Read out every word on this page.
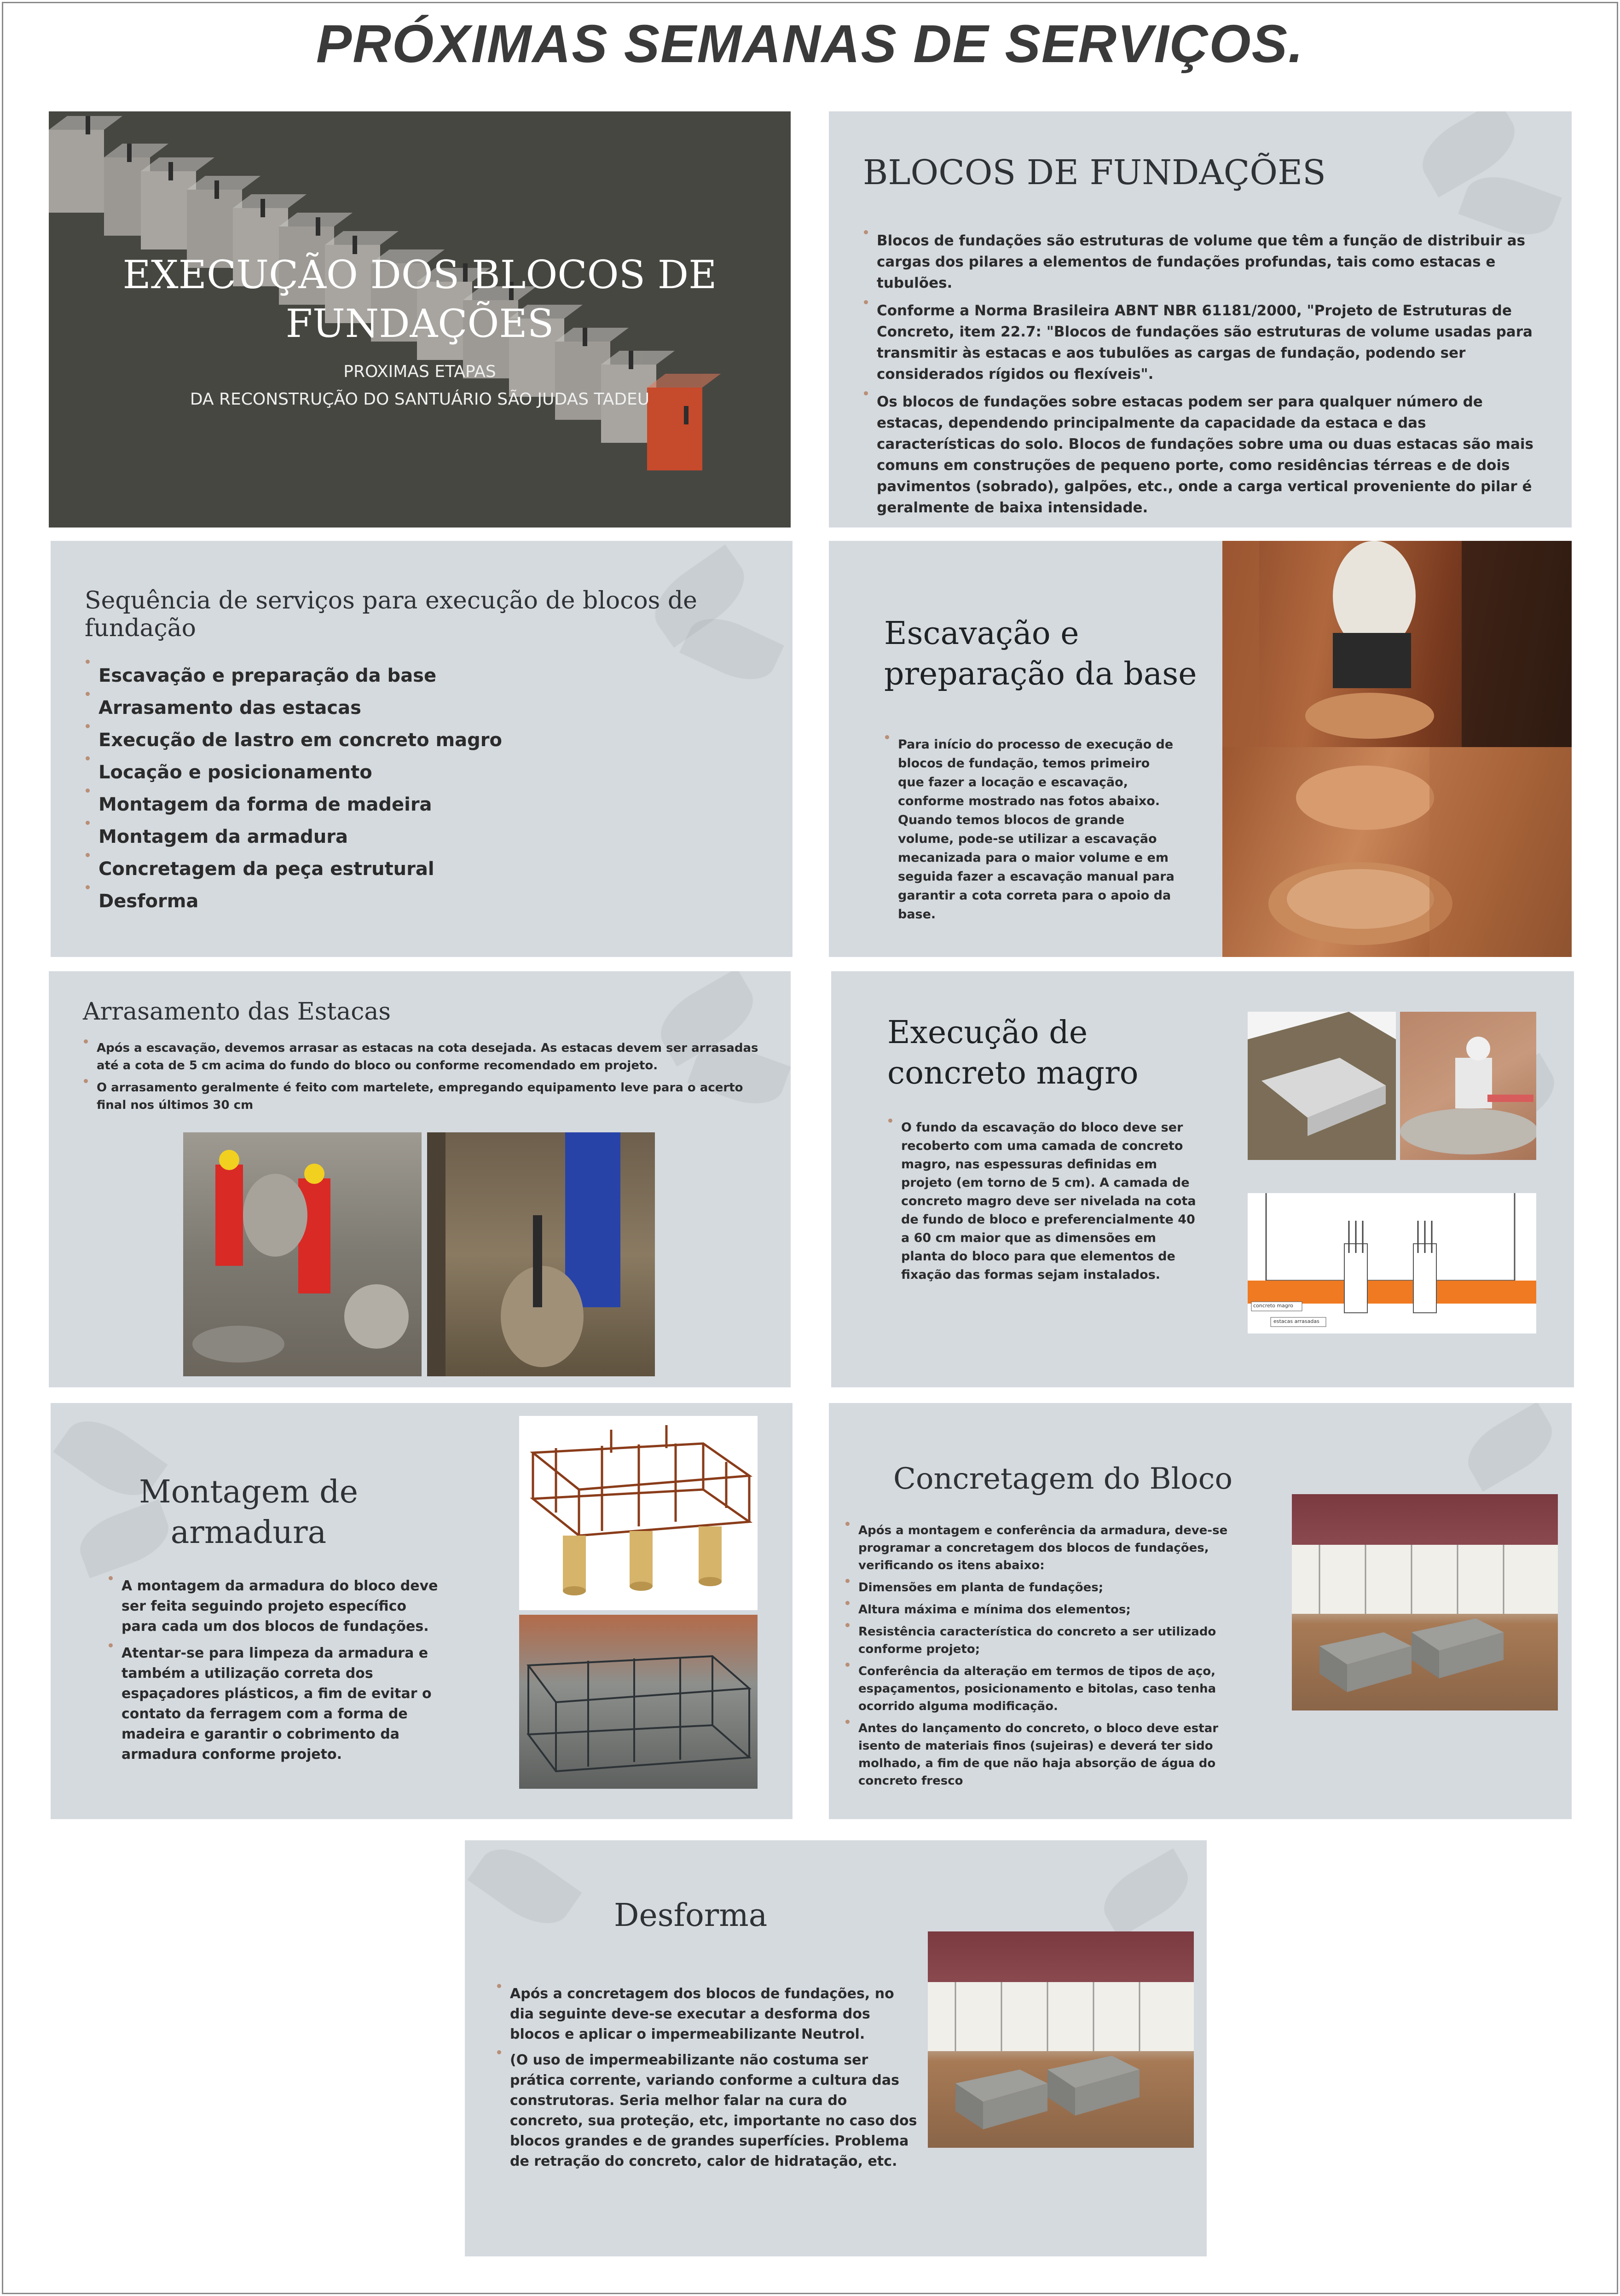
PRÓXIMAS SEMANAS DE SERVIÇOS.
EXECUÇÃO DOS BLOCOS DE FUNDAÇÕES
PROXIMAS ETAPAS
DA RECONSTRUÇÃO DO SANTUÁRIO SÃO JUDAS TADEU
BLOCOS DE FUNDAÇÕES
Blocos de fundações são estruturas de volume que têm a função de distribuir as cargas dos pilares a elementos de fundações profundas, tais como estacas e tubulões.
Conforme a Norma Brasileira ABNT NBR 61181/2000, "Projeto de Estruturas de Concreto, item 22.7: "Blocos de fundações são estruturas de volume usadas para transmitir às estacas e aos tubulões as cargas de fundação, podendo ser considerados rígidos ou flexíveis".
Os blocos de fundações sobre estacas podem ser para qualquer número de estacas, dependendo principalmente da capacidade da estaca e das características do solo. Blocos de fundações sobre uma ou duas estacas são mais comuns em construções de pequeno porte, como residências térreas e de dois pavimentos (sobrado), galpões, etc., onde a carga vertical proveniente do pilar é geralmente de baixa intensidade.
Sequência de serviços para execução de blocos de fundação
Escavação e preparação da base
Arrasamento das estacas
Execução de lastro em concreto magro
Locação e posicionamento
Montagem da forma de madeira
Montagem da armadura
Concretagem da peça estrutural
Desforma
Escavação e
preparação da base
Para início do processo de execução de blocos de fundação, temos primeiro que fazer a locação e escavação, conforme mostrado nas fotos abaixo. Quando temos blocos de grande volume, pode-se utilizar a escavação mecanizada para o maior volume e em seguida fazer a escavação manual para garantir a cota correta para o apoio da base.
Arrasamento das Estacas
Após a escavação, devemos arrasar as estacas na cota desejada. As estacas devem ser arrasadas até a cota de 5 cm acima do fundo do bloco ou conforme recomendado em projeto.
O arrasamento geralmente é feito com martelete, empregando equipamento leve para o acerto final nos últimos 30 cm
Execução de
concreto magro
O fundo da escavação do bloco deve ser recoberto com uma camada de concreto magro, nas espessuras definidas em projeto (em torno de 5 cm). A camada de concreto magro deve ser nivelada na cota de fundo de bloco e preferencialmente 40 a 60 cm maior que as dimensões em planta do bloco para que elementos de fixação das formas sejam instalados.
concreto magro
estacas arrasadas
Montagem de
armadura
A montagem da armadura do bloco deve ser feita seguindo projeto específico para cada um dos blocos de fundações.
Atentar-se para limpeza da armadura e também a utilização correta dos espaçadores plásticos, a fim de evitar o contato da ferragem com a forma de madeira e garantir o cobrimento da armadura conforme projeto.
Concretagem do Bloco
Após a montagem e conferência da armadura, deve-se programar a concretagem dos blocos de fundações, verificando os itens abaixo:
Dimensões em planta de fundações;
Altura máxima e mínima dos elementos;
Resistência característica do concreto a ser utilizado conforme projeto;
Conferência da alteração em termos de tipos de aço, espaçamentos, posicionamento e bitolas, caso tenha ocorrido alguma modificação.
Antes do lançamento do concreto, o bloco deve estar isento de materiais finos (sujeiras) e deverá ter sido molhado, a fim de que não haja absorção de água do concreto fresco
Desforma
Após a concretagem dos blocos de fundações, no dia seguinte deve-se executar a desforma dos blocos e aplicar o impermeabilizante Neutrol.
(O uso de impermeabilizante não costuma ser prática corrente, variando conforme a cultura das construtoras. Seria melhor falar na cura do concreto, sua proteção, etc, importante no caso dos blocos grandes e de grandes superfícies. Problema de retração do concreto, calor de hidratação, etc.
